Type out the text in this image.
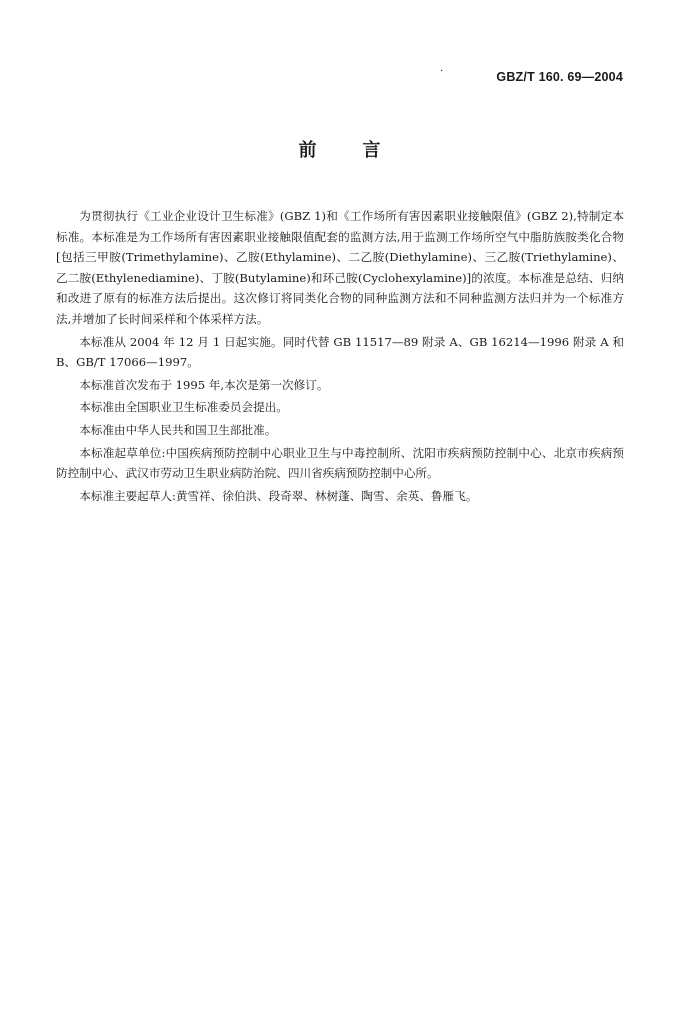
·	GBZ/T 160. 69—2004
前言

为贯彻执行《工业企业设计卫生标准》(GBZ 1)和《工作场所有害因素职业接触限值》(GBZ 2),特制定本标准。本标准是为工作场所有害因素职业接触限值配套的监测方法,用于监测工作场所空气中脂肪族胺类化合物[包括三甲胺(Trimethylamine)、乙胺(Ethylamine)、二乙胺(Diethylamine)、三乙胺(Triethylamine)、乙二胺(Ethylenediamine)、丁胺(Butylamine)和环己胺(Cyclohexylamine)]的浓度。本标准是总结、归纳和改进了原有的标准方法后提出。这次修订将同类化合物的同种监测方法和不同种监测方法归并为一个标准方法,并增加了长时间采样和个体采样方法。

本标准从 2004 年 12 月 1 日起实施。同时代替 GB 11517—89 附录 A、GB 16214—1996 附录 A 和 B、GB/T 17066—1997。

本标准首次发布于 1995 年,本次是第一次修订。

本标准由全国职业卫生标准委员会提出。

本标准由中华人民共和国卫生部批准。

本标准起草单位:中国疾病预防控制中心职业卫生与中毒控制所、沈阳市疾病预防控制中心、北京市疾病预防控制中心、武汉市劳动卫生职业病防治院、四川省疾病预防控制中心所。

本标准主要起草人:黄雪祥、徐伯洪、段奇翠、林树蓬、陶雪、余英、鲁雁飞。
